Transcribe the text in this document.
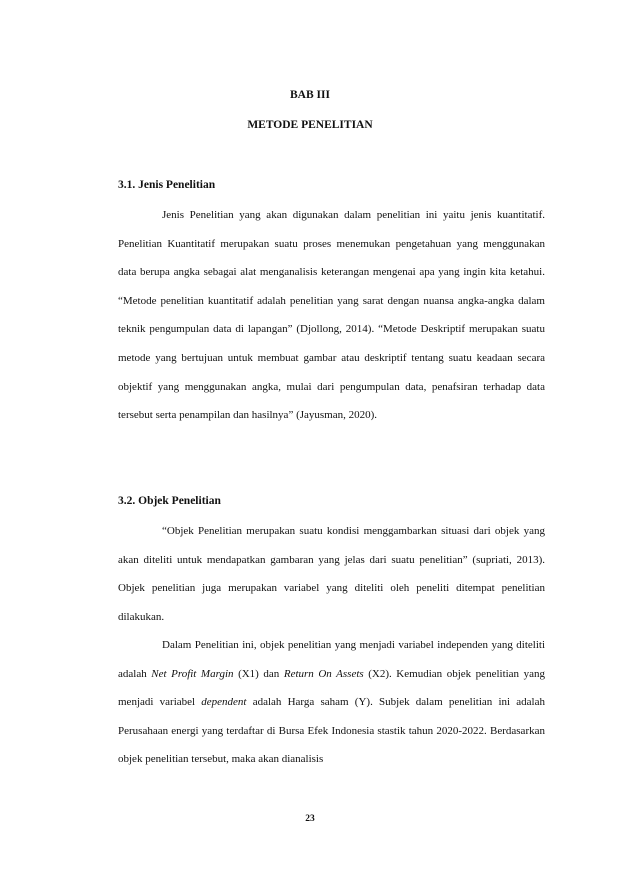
BAB III
METODE PENELITIAN
3.1. Jenis Penelitian

Jenis Penelitian yang akan digunakan dalam penelitian ini yaitu jenis kuantitatif. Penelitian Kuantitatif merupakan suatu proses menemukan pengetahuan yang menggunakan data berupa angka sebagai alat menganalisis keterangan mengenai apa yang ingin kita ketahui. “Metode penelitian kuantitatif adalah penelitian yang sarat dengan nuansa angka-angka dalam teknik pengumpulan data di lapangan” (Djollong, 2014). “Metode Deskriptif merupakan suatu metode yang bertujuan untuk membuat gambar atau deskriptif tentang suatu keadaan secara objektif yang menggunakan angka, mulai dari pengumpulan data, penafsiran terhadap data tersebut serta penampilan dan hasilnya” (Jayusman, 2020).

3.2. Objek Penelitian

“Objek Penelitian merupakan suatu kondisi menggambarkan situasi dari objek yang akan diteliti untuk mendapatkan gambaran yang jelas dari suatu penelitian” (supriati, 2013). Objek penelitian juga merupakan variabel yang diteliti oleh peneliti ditempat penelitian dilakukan.

Dalam Penelitian ini, objek penelitian yang menjadi variabel independen yang diteliti adalah Net Profit Margin (X1) dan Return On Assets (X2). Kemudian objek penelitian yang menjadi variabel dependent adalah Harga saham (Y). Subjek dalam penelitian ini adalah Perusahaan energi yang terdaftar di Bursa Efek Indonesia stastik tahun 2020-2022. Berdasarkan objek penelitian tersebut, maka akan dianalisis

23
